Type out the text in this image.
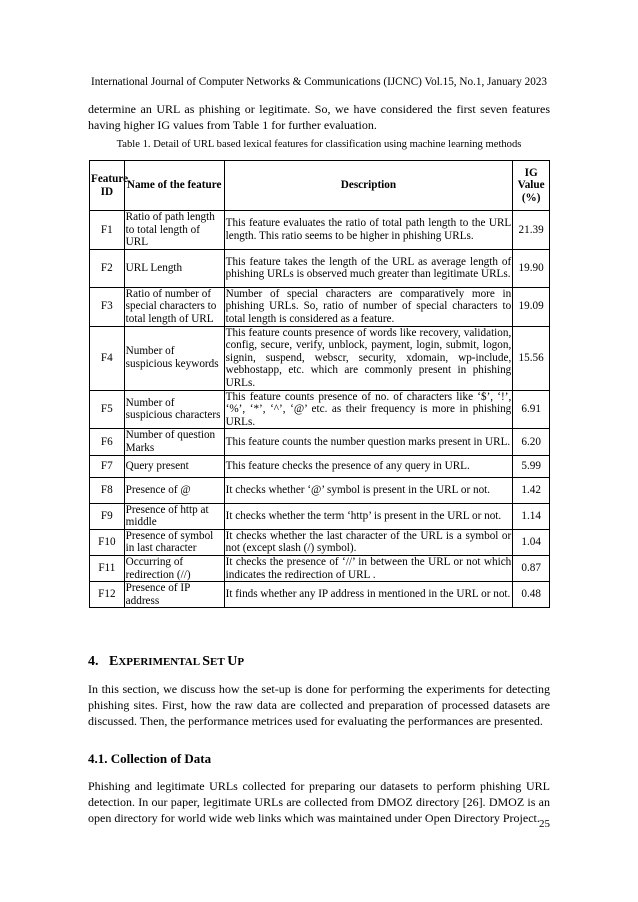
International Journal of Computer Networks & Communications (IJCNC) Vol.15, No.1, January 2023
determine an URL as phishing or legitimate. So, we have considered the first seven features having higher IG values from Table 1 for further evaluation.
Table 1. Detail of URL based lexical features for classification using machine learning methods
Feature ID	Name of the feature	Description	IG Value (%)
F1	Ratio of path length to total length of URL	This feature evaluates the ratio of total path length to the URL length. This ratio seems to be higher in phishing URLs.	21.39
F2	URL Length	This feature takes the length of the URL as average length of phishing URLs is observed much greater than legitimate URLs.	19.90
F3	Ratio of number of special characters to total length of URL	Number of special characters are comparatively more in phishing URLs. So, ratio of number of special characters to total length is considered as a feature.	19.09
F4	Number of suspicious keywords	This feature counts presence of words like recovery, validation, config, secure, verify, unblock, payment, login, submit, logon, signin, suspend, webscr, security, xdomain, wp-include, webhostapp, etc. which are commonly present in phishing URLs.	15.56
F5	Number of suspicious characters	This feature counts presence of no. of characters like ‘$’, ‘!’, ‘%’, ‘*’, ‘^’, ‘@’ etc. as their frequency is more in phishing URLs.	6.91
F6	Number of question Marks	This feature counts the number question marks present in URL.	6.20
F7	Query present	This feature checks the presence of any query in URL.	5.99
F8	Presence of @	It checks whether ‘@’ symbol is present in the URL or not.	1.42
F9	Presence of http at middle	It checks whether the term ‘http’ is present in the URL or not.	1.14
F10	Presence of symbol in last character	It checks whether the last character of the URL is a symbol or not (except slash (/) symbol).	1.04
F11	Occurring of redirection (//)	It checks the presence of ‘//’ in between the URL or not which indicates the redirection of URL .	0.87
F12	Presence of IP address	It finds whether any IP address in mentioned in the URL or not.	0.48
4. EXPERIMENTAL SET UP
In this section, we discuss how the set-up is done for performing the experiments for detecting phishing sites. First, how the raw data are collected and preparation of processed datasets are discussed. Then, the performance metrices used for evaluating the performances are presented.
4.1. Collection of Data
Phishing and legitimate URLs collected for preparing our datasets to perform phishing URL detection. In our paper, legitimate URLs are collected from DMOZ directory [26]. DMOZ is an open directory for world wide web links which was maintained under Open Directory Project. 25
